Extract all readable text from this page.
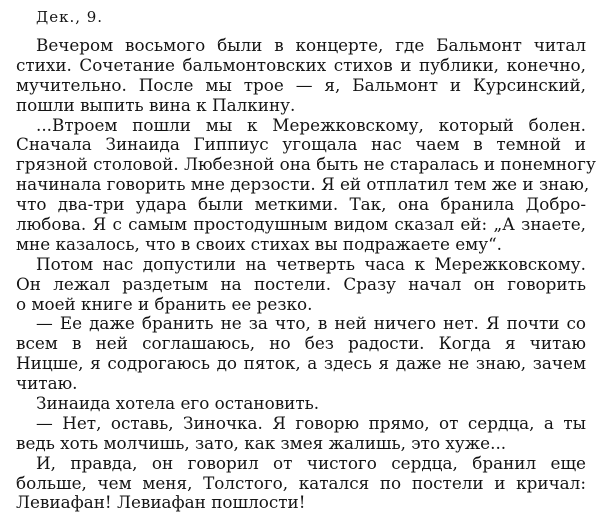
Дек., 9.
Вечером восьмого были в концерте, где Бальмонт читал
стихи. Сочетание бальмонтовских стихов и публики, конечно,
мучительно. После мы трое — я, Бальмонт и Курсинский,
пошли выпить вина к Палкину.
...Втроем пошли мы к Мережковскому, который болен.
Сначала Зинаида Гиппиус угощала нас чаем в темной и
грязной столовой. Любезной она быть не старалась и понемногу
начинала говорить мне дерзости. Я ей отплатил тем же и знаю,
что два-три удара были меткими. Так, она бранила Добро-
любова. Я с самым простодушным видом сказал ей: „А знаете,
мне казалось, что в своих стихах вы подражаете ему“.
Потом нас допустили на четверть часа к Мережковскому.
Он лежал раздетым на постели. Сразу начал он говорить
о моей книге и бранить ее резко.
— Ее даже бранить не за что, в ней ничего нет. Я почти со
всем в ней соглашаюсь, но без радости. Когда я читаю
Ницше, я содрогаюсь до пяток, а здесь я даже не знаю, зачем
читаю.
Зинаида хотела его остановить.
— Нет, оставь, Зиночка. Я говорю прямо, от сердца, а ты
ведь хоть молчишь, зато, как змея жалишь, это хуже...
И, правда, он говорил от чистого сердца, бранил еще
больше, чем меня, Толстого, катался по постели и кричал:
Левиафан! Левиафан пошлости!
